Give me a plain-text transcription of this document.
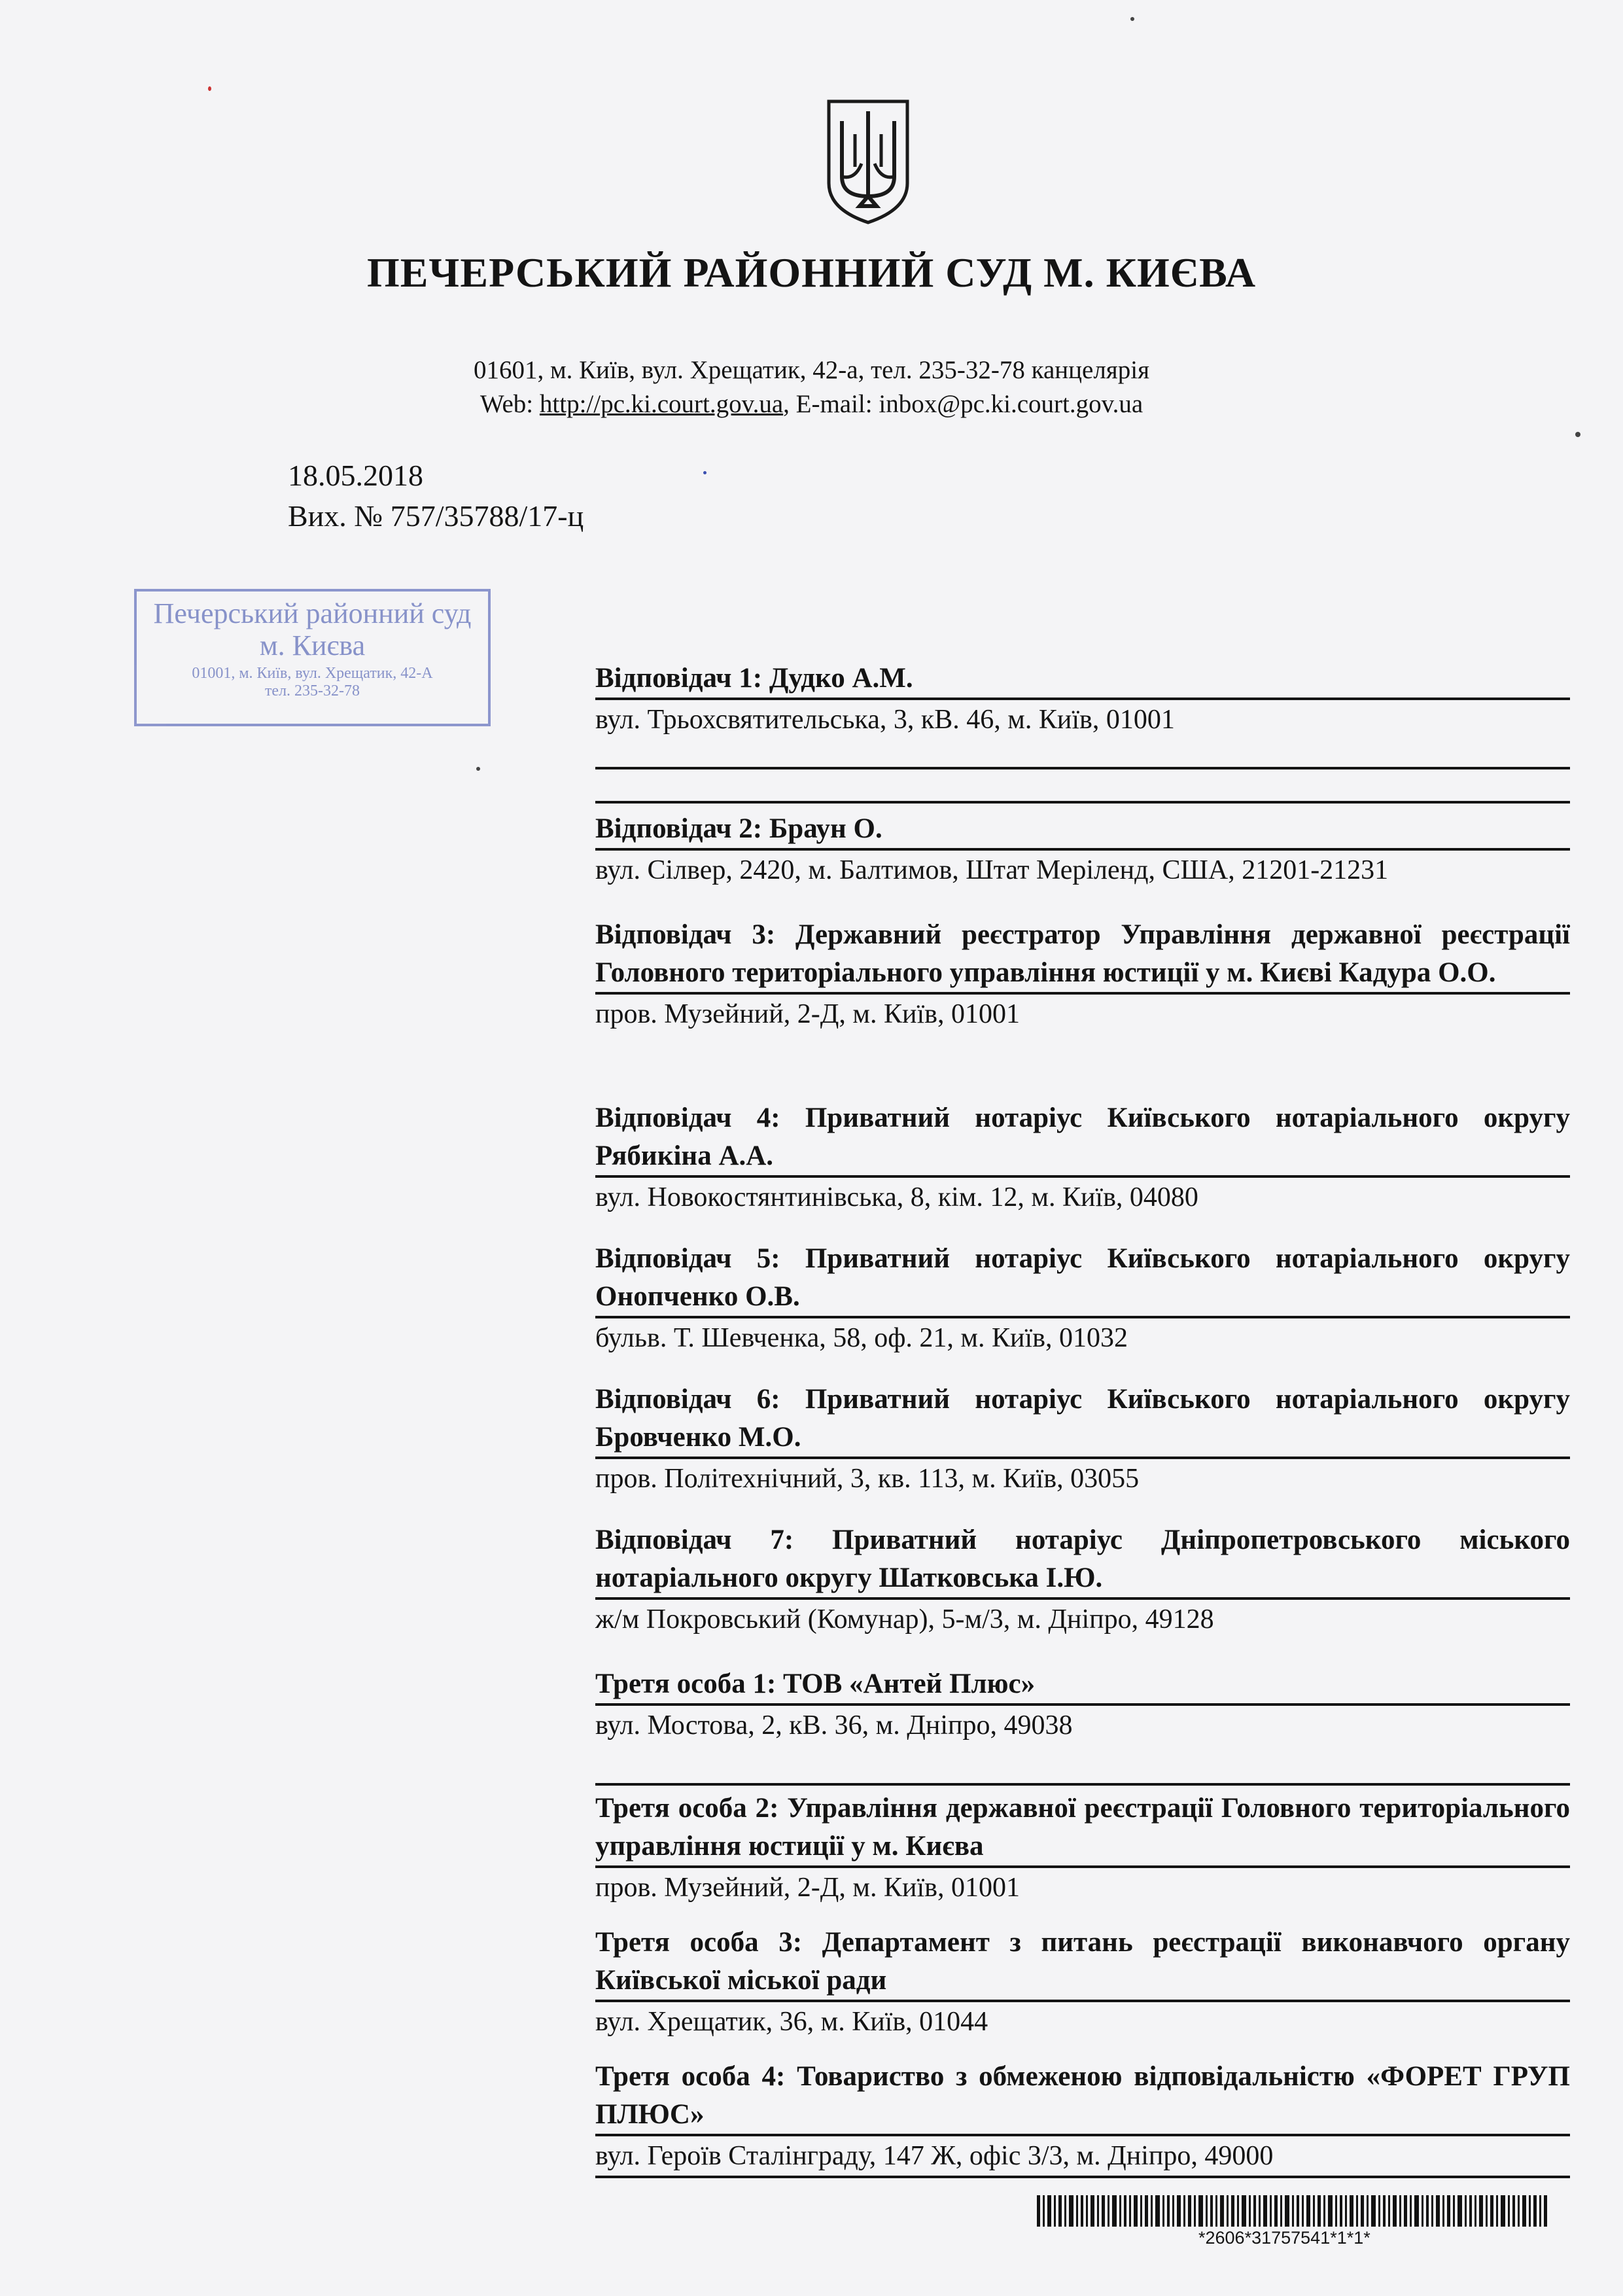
ПЕЧЕРСЬКИЙ РАЙОННИЙ СУД М. КИЄВА
01601, м. Київ, вул. Хрещатик, 42-а, тел. 235-32-78 канцелярія
Web: http://pc.ki.court.gov.ua, E-mail: inbox@pc.ki.court.gov.ua
18.05.2018
Вих. № 757/35788/17-ц
Печерський районний суд
м. Києва
01001, м. Київ, вул. Хрещатик, 42-А
тел. 235-32-78	Відповідач 1: Дудко А.М.
вул. Трьохсвятительська, 3, кВ. 46, м. Київ, 01001
Відповідач 2: Браун О.
вул. Сілвер, 2420, м. Балтимов, Штат Меріленд, США, 21201-21231
Відповідач 3: Державний реєстратор Управління державної реєстрації Головного територіального управління юстиції у м. Києві Кадура О.О.
пров. Музейний, 2-Д, м. Київ, 01001
Відповідач 4: Приватний нотаріус Київського нотаріального округу Рябикіна А.А.
вул. Новокостянтинівська, 8, кім. 12, м. Київ, 04080
Відповідач 5: Приватний нотаріус Київського нотаріального округу Онопченко О.В.
бульв. Т. Шевченка, 58, оф. 21, м. Київ, 01032
Відповідач 6: Приватний нотаріус Київського нотаріального округу Бровченко М.О.
пров. Політехнічний, 3, кв. 113, м. Київ, 03055
Відповідач 7: Приватний нотаріус Дніпропетровського міського нотаріального округу Шатковська І.Ю.
ж/м Покровський (Комунар), 5-м/3, м. Дніпро, 49128
Третя особа 1: ТОВ «Антей Плюс»
вул. Мостова, 2, кВ. 36, м. Дніпро, 49038
Третя особа 2: Управління державної реєстрації Головного територіального управління юстиції у м. Києва
пров. Музейний, 2-Д, м. Київ, 01001
Третя особа 3: Департамент з питань реєстрації виконавчого органу Київської міської ради
вул. Хрещатик, 36, м. Київ, 01044
Третя особа 4: Товариство з обмеженою відповідальністю «ФОРЕТ ГРУП ПЛЮС»
вул. Героїв Сталінграду, 147 Ж, офіс 3/3, м. Дніпро, 49000
*2606*31757541*1*1*
